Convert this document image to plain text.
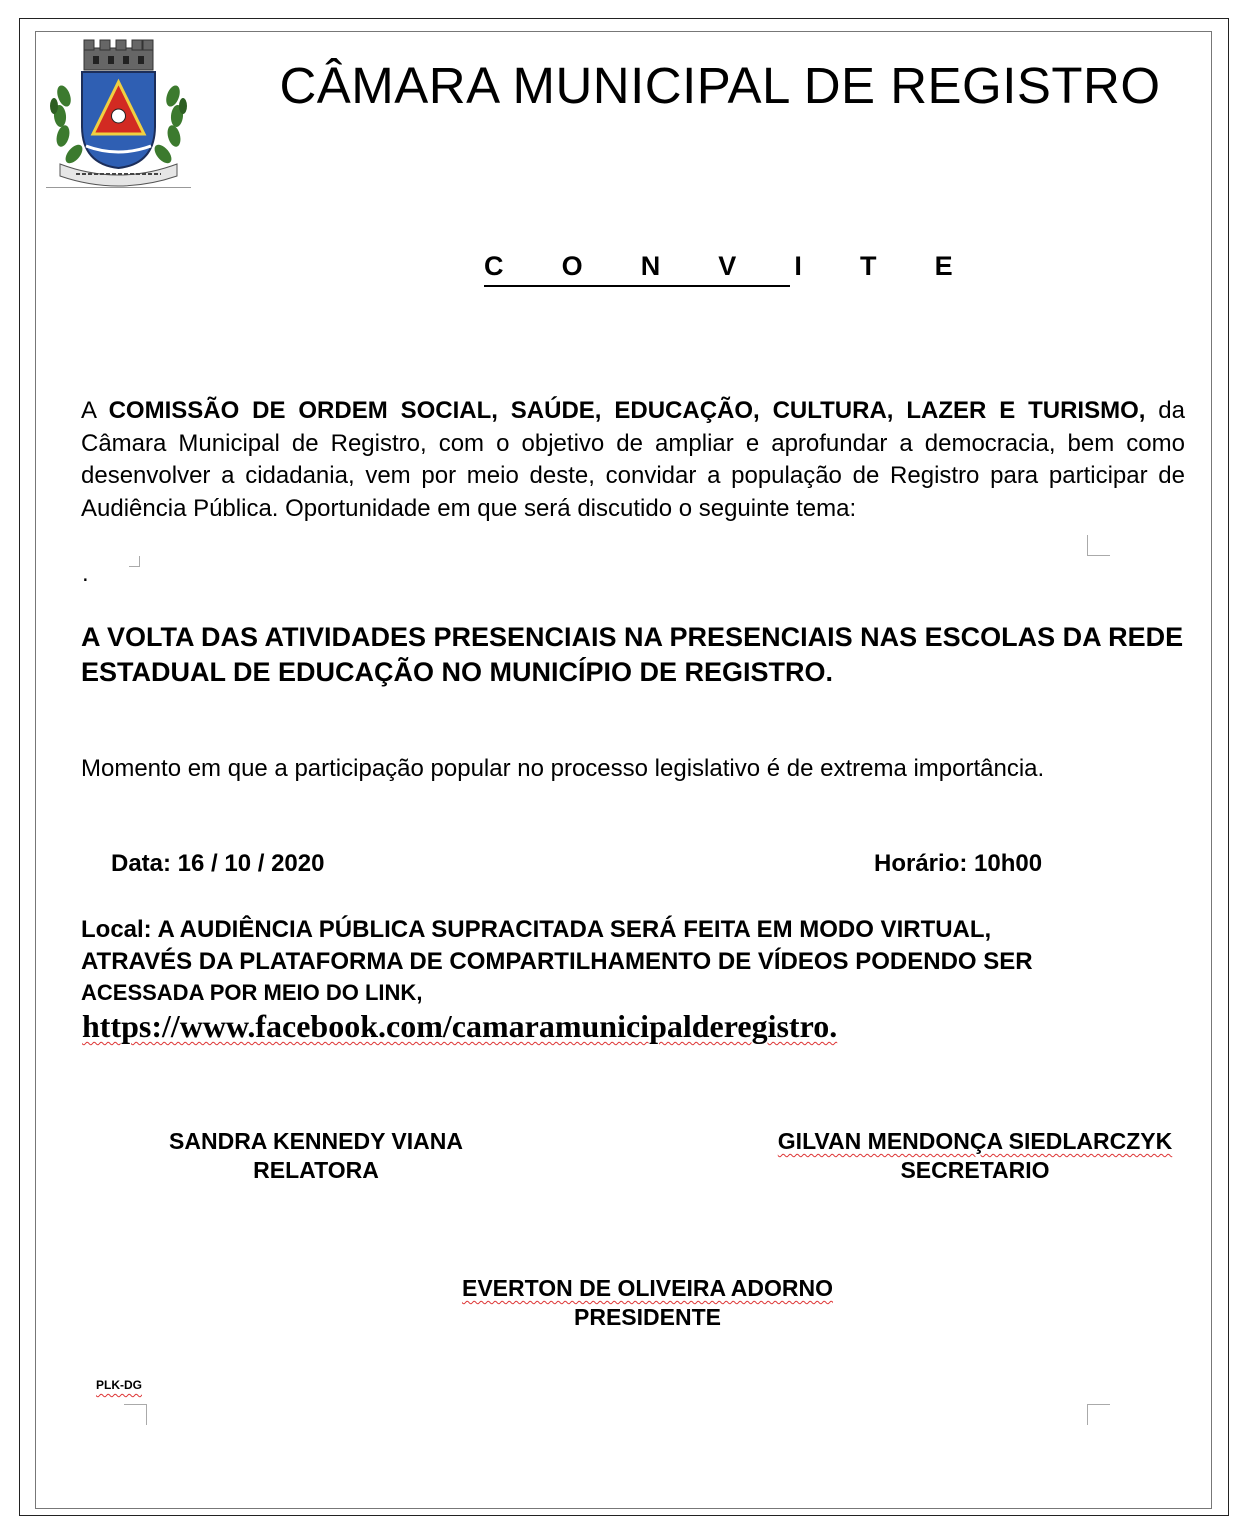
CÂMARA MUNICIPAL DE REGISTRO
C O N V I T E

A COMISSÃO DE ORDEM SOCIAL, SAÚDE, EDUCAÇÃO, CULTURA, LAZER E TURISMO, da Câmara Municipal de Registro, com o objetivo de ampliar e aprofundar a democracia, bem como desenvolver a cidadania, vem por meio deste, convidar a população de Registro para participar de Audiência Pública. Oportunidade em que será discutido o seguinte tema:

.

A VOLTA DAS ATIVIDADES PRESENCIAIS NA PRESENCIAIS NAS ESCOLAS DA REDE ESTADUAL DE EDUCAÇÃO NO MUNICÍPIO DE REGISTRO.

Momento em que a participação popular no processo legislativo é de extrema importância.
Data: 16 / 10 / 2020	Horário: 10h00

Local: A AUDIÊNCIA PÚBLICA SUPRACITADA SERÁ FEITA EM MODO VIRTUAL,
ATRAVÉS DA PLATAFORMA DE COMPARTILHAMENTO DE VÍDEOS PODENDO SER
ACESSADA POR MEIO DO LINK,

https://www.facebook.com/camaramunicipalderegistro.
SANDRA KENNEDY VIANA
RELATORA
GILVAN MENDONÇA SIEDLARCZYK
SECRETARIO
EVERTON DE OLIVEIRA ADORNO
PRESIDENTE
PLK-DG
